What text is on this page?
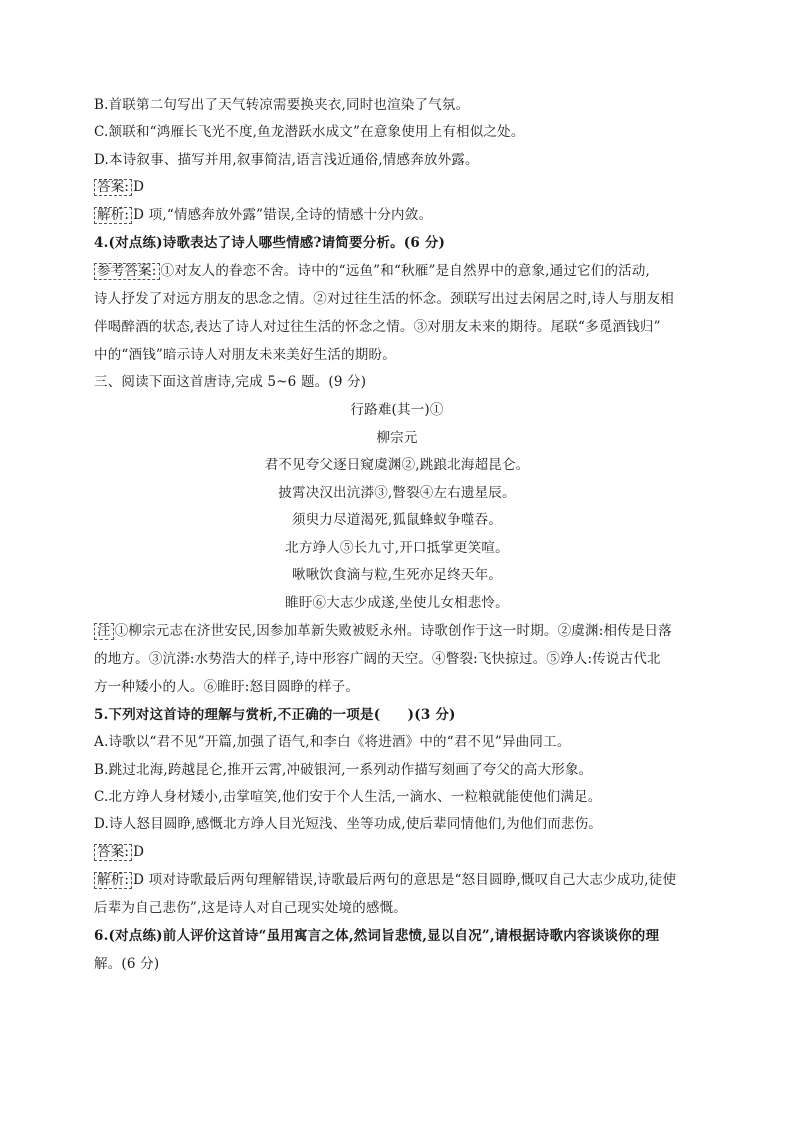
B.首联第二句写出了天气转凉需要换夹衣,同时也渲染了气氛。
C.颔联和“鸿雁长飞光不度,鱼龙潜跃水成文”在意象使用上有相似之处。
D.本诗叙事、描写并用,叙事简洁,语言浅近通俗,情感奔放外露。
答案: D
解析: D 项,“情感奔放外露”错误,全诗的情感十分内敛。
4.(对点练)诗歌表达了诗人哪些情感?请简要分析。(6 分)
参考答案: ①对友人的眷恋不舍。诗中的“远鱼”和“秋雁”是自然界中的意象,通过它们的活动,
诗人抒发了对远方朋友的思念之情。②对过往生活的怀念。颈联写出过去闲居之时,诗人与朋友相
伴喝醉酒的状态,表达了诗人对过往生活的怀念之情。③对朋友未来的期待。尾联“多觅酒钱归”
中的“酒钱”暗示诗人对朋友未来美好生活的期盼。
三、阅读下面这首唐诗,完成 5~6 题。(9 分)
行路难(其一)①
柳宗元
君不见夸父逐日窥虞渊②,跳踉北海超昆仑。
披霄决汉出沆漭③,瞥裂④左右遗星辰。
须臾力尽道渴死,狐鼠蜂蚁争噬吞。
北方竫人⑤长九寸,开口抵掌更笑喧。
啾啾饮食滴与粒,生死亦足终天年。
睢盱⑥大志少成遂,坐使儿女相悲怜。
注 ①柳宗元志在济世安民,因参加革新失败被贬永州。诗歌创作于这一时期。②虞渊:相传是日落
的地方。③沆漭:水势浩大的样子,诗中形容广阔的天空。④瞥裂:飞快掠过。⑤竫人:传说古代北
方一种矮小的人。⑥睢盱:怒目圆睁的样子。
5.下列对这首诗的理解与赏析,不正确的一项是(　　)(3 分)
A.诗歌以“君不见”开篇,加强了语气,和李白《将进酒》中的“君不见”异曲同工。
B.跳过北海,跨越昆仑,推开云霄,冲破银河,一系列动作描写刻画了夸父的高大形象。
C.北方竫人身材矮小,击掌喧笑,他们安于个人生活,一滴水、一粒粮就能使他们满足。
D.诗人怒目圆睁,感慨北方竫人目光短浅、坐等功成,使后辈同情他们,为他们而悲伤。
答案: D
解析: D 项对诗歌最后两句理解错误,诗歌最后两句的意思是“怒目圆睁,慨叹自己大志少成功,徒使
后辈为自己悲伤”,这是诗人对自己现实处境的感慨。
6.(对点练)前人评价这首诗“虽用寓言之体,然词旨悲愤,显以自况”,请根据诗歌内容谈谈你的理
解。(6 分)
